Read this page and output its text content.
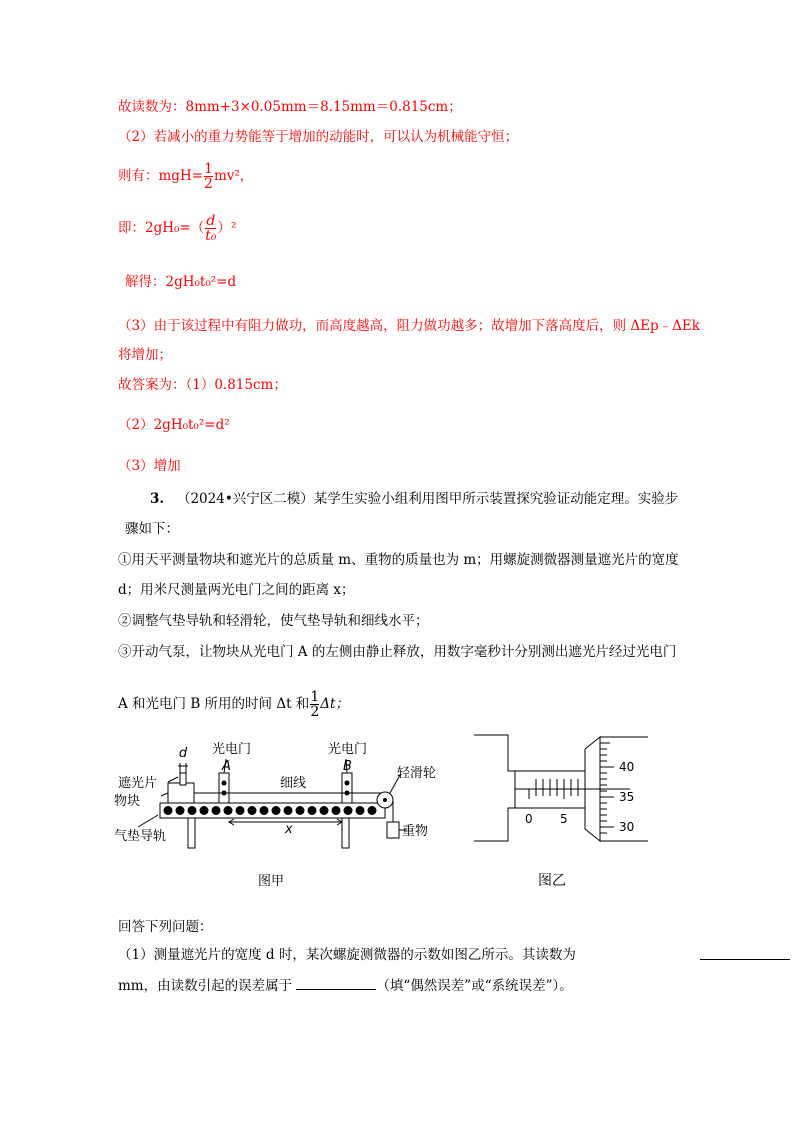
故读数为：8mm+3×0.05mm＝8.15mm＝0.815cm；
（2）若减小的重力势能等于增加的动能时，可以认为机械能守恒；
则有：$mgH= \frac{1}{2} mv^2$，
即：$2gH_0=( \frac{d}{\text{t₀}} )^2$
解得：2gH₀t₀²=d
（3）由于该过程中有阻力做功，而高度越高，阻力做功越多；故增加下落高度后，则 ΔEp﹣ΔEk
将增加；
故答案为：（1）0.815cm；
（2）2gH₀t₀²=d²
（3）增加
3. （2024•兴宁区二模）某学生实验小组利用图甲所示装置探究验证动能定理。实验步
骤如下：
①用天平测量物块和遮光片的总质量 m、重物的质量也为 m；用螺旋测微器测量遮光片的宽度
d；用米尺测量两光电门之间的距离 x；
②调整气垫导轨和轻滑轮，使气垫导轨和细线水平；
③开动气泵，让物块从光电门 A 的左侧由静止释放，用数字毫秒计分别测出遮光片经过光电门
A 和光电门 B 所用的时间 Δt 和 $\frac{1}{2}$ Δt；
d 光电门	光电门
A	B
细线
轻滑轮
遮光片
物块
气垫导轨	x	重物
图甲
40
35
30
0 5
图乙
回答下列问题：
（1）测量遮光片的宽度 d 时，某次螺旋测微器的示数如图乙所示。其读数为
mm，由读数引起的误差属于	（填“偶然误差”或“系统误差”）。
